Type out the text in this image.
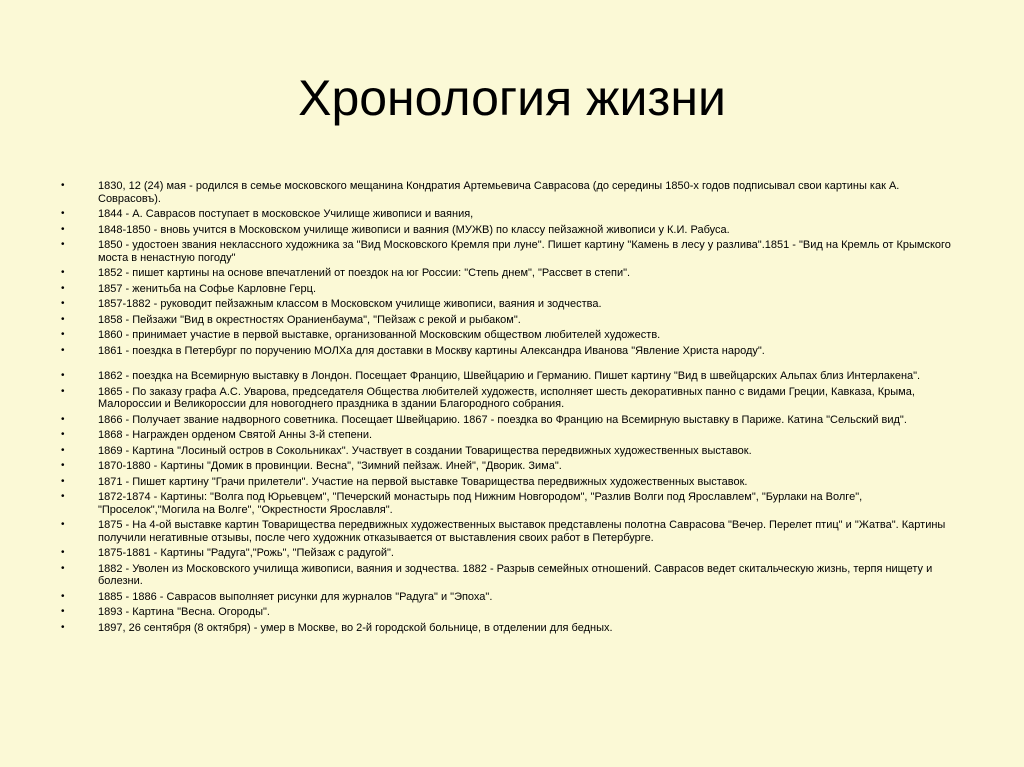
Хронология жизни
•	1830, 12 (24) мая - родился в семье московского мещанина Кондратия Артемьевича Саврасова (до середины 1850-х годов подписывал свои картины как А. Соврасовъ).
•	1844 - А. Саврасов поступает в московское Училище живописи и ваяния,
•	1848-1850 - вновь учится в Московском училище живописи и ваяния (МУЖВ) по классу пейзажной живописи у К.И. Рабуса.
•	1850 - удостоен звания неклассного художника за "Вид Московского Кремля при луне". Пишет картину "Камень в лесу у разлива".1851 - "Вид на Кремль от Крымского моста в ненастную погоду"
•	1852 - пишет картины на основе впечатлений от поездок на юг России: "Степь днем", "Рассвет в степи".
•	1857 - женитьба на Софье Карловне Герц.
•	1857-1882 - руководит пейзажным классом в Московском училище живописи, ваяния и зодчества.
•	1858 - Пейзажи "Вид в окрестностях Ораниенбаума", "Пейзаж с рекой и рыбаком".
•	1860 - принимает участие в первой выставке, организованной Московским обществом любителей художеств.
•	1861 - поездка в Петербург по поручению МОЛХа для доставки в Москву картины Александра Иванова "Явление Христа народу".
•	1862 - поездка на Всемирную выставку в Лондон. Посещает Францию, Швейцарию и Германию. Пишет картину "Вид в швейцарских Альпах близ Интерлакена".
•	1865 - По заказу графа А.С. Уварова, председателя Общества любителей художеств, исполняет шесть декоративных панно с видами Греции, Кавказа, Крыма, Малороссии и Великороссии для новогоднего праздника в здании Благородного собрания.
•	1866 - Получает звание надворного советника. Посещает Швейцарию. 1867 - поездка во Францию на Всемирную выставку в Париже. Катина "Сельский вид".
•	1868 - Награжден орденом Святой Анны 3-й степени.
•	1869 - Картина "Лосиный остров в Сокольниках". Участвует в создании Товарищества передвижных художественных выставок.
•	1870-1880 - Картины "Домик в провинции. Весна", "Зимний пейзаж. Иней", "Дворик. Зима".
•	1871 - Пишет картину "Грачи прилетели". Участие на первой выставке Товарищества передвижных художественных выставок.
•	1872-1874 - Картины: "Волга под Юрьевцем", "Печерский монастырь под Нижним Новгородом", "Разлив Волги под Ярославлем", "Бурлаки на Волге", "Проселок","Могила на Волге", "Окрестности Ярославля".
•	1875 - На 4-ой выставке картин Товарищества передвижных художественных выставок представлены полотна Саврасова "Вечер. Перелет птиц" и "Жатва". Картины получили негативные отзывы, после чего художник отказывается от выставления своих работ в Петербурге.
•	1875-1881 - Картины "Радуга","Рожь", "Пейзаж с радугой".
•	1882 - Уволен из Московского училища живописи, ваяния и зодчества. 1882 - Разрыв семейных отношений. Саврасов ведет скитальческую жизнь, терпя нищету и болезни.
•	1885 - 1886 - Саврасов выполняет рисунки для журналов "Радуга" и "Эпоха".
•	1893 - Картина "Весна. Огороды".
•	1897, 26 сентября (8 октября) - умер в Москве, во 2-й городской больнице, в отделении для бедных.
